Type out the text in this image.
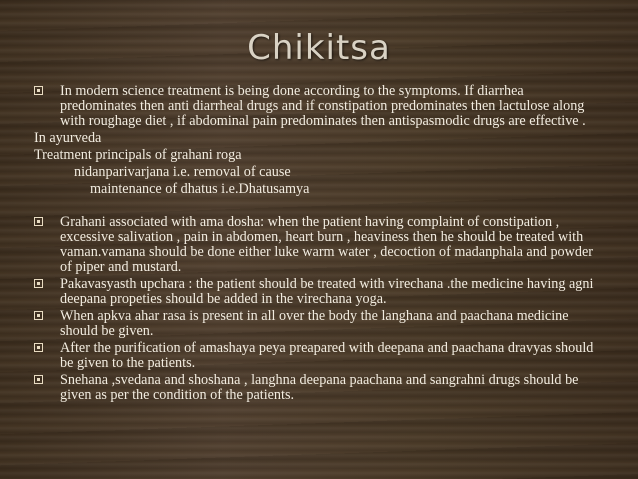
Chikitsa
In modern science treatment is being done according to the symptoms. If diarrhea predominates then anti diarrheal drugs and if constipation predominates then lactulose along with roughage diet , if abdominal pain predominates then antispasmodic drugs are effective .
In ayurveda
Treatment principals of grahani roga
nidanparivarjana i.e. removal of cause
maintenance of dhatus i.e.Dhatusamya
Grahani associated with ama dosha: when the patient having complaint of constipation , excessive salivation , pain in abdomen, heart burn , heaviness then he should be treated with vaman.vamana should be done either luke warm water , decoction of madanphala and powder of piper and mustard.
Pakavasyasth upchara : the patient should be treated with virechana .the medicine having agni deepana propeties should be added in the virechana yoga.
When apkva ahar rasa is present in all over the body the langhana and paachana medicine should be given.
After the purification of amashaya peya preapared with deepana and paachana dravyas should be given to the patients.
Snehana ,svedana and shoshana , langhna deepana paachana and sangrahni drugs should be given as per the condition of the patients.
